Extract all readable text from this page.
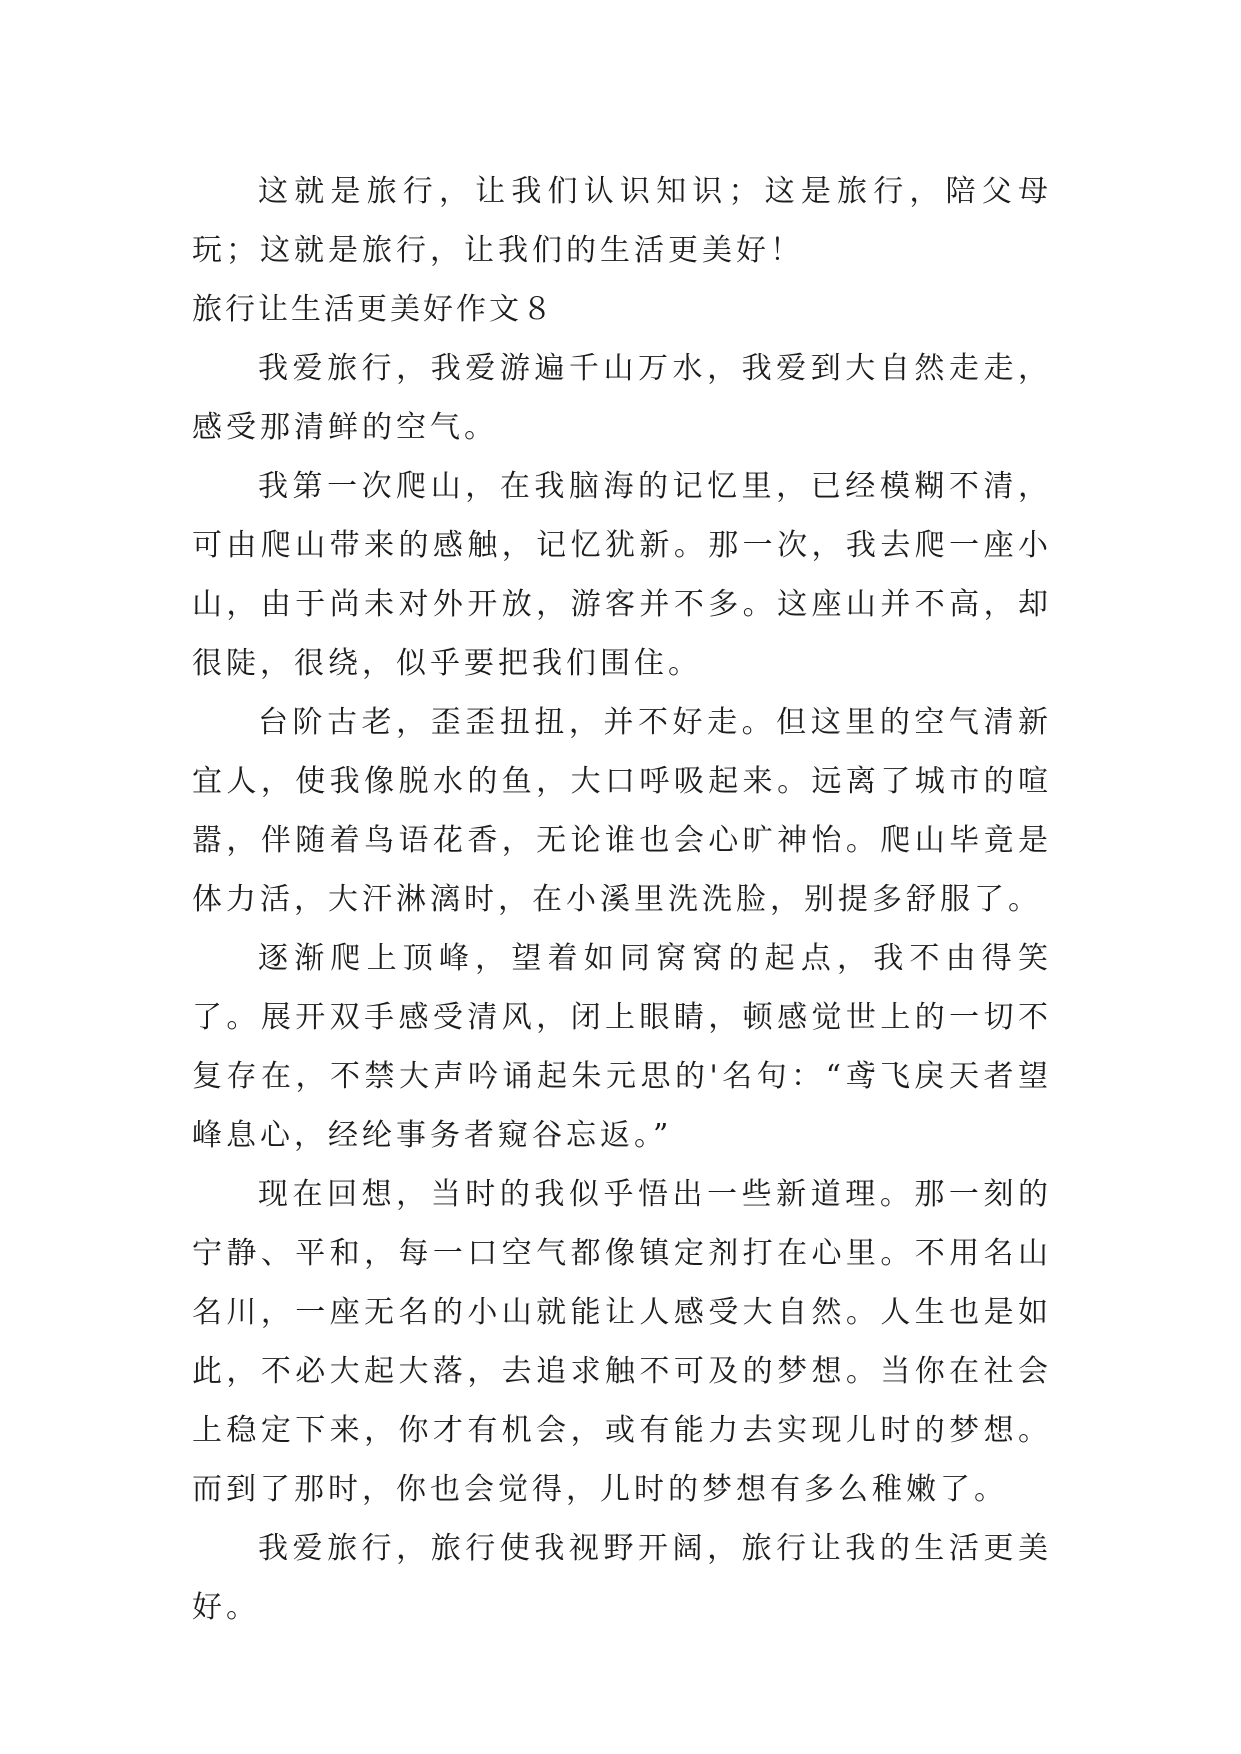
这就是旅行，让我们认识知识；这是旅行，陪父母玩；这就是旅行，让我们的生活更美好！

旅行让生活更美好作文８

我爱旅行，我爱游遍千山万水，我爱到大自然走走，感受那清鲜的空气。

我第一次爬山，在我脑海的记忆里，已经模糊不清，可由爬山带来的感触，记忆犹新。那一次，我去爬一座小山，由于尚未对外开放，游客并不多。这座山并不高，却很陡，很绕，似乎要把我们围住。

台阶古老，歪歪扭扭，并不好走。但这里的空气清新宜人，使我像脱水的鱼，大口呼吸起来。远离了城市的喧嚣，伴随着鸟语花香，无论谁也会心旷神怡。爬山毕竟是体力活，大汗淋漓时，在小溪里洗洗脸，别提多舒服了。

逐渐爬上顶峰，望着如同窝窝的起点，我不由得笑了。展开双手感受清风，闭上眼睛，顿感觉世上的一切不复存在，不禁大声吟诵起朱元思的'名句：“鸢飞戾天者望峰息心，经纶事务者窥谷忘返。”

现在回想，当时的我似乎悟出一些新道理。那一刻的宁静、平和，每一口空气都像镇定剂打在心里。不用名山名川，一座无名的小山就能让人感受大自然。人生也是如此，不必大起大落，去追求触不可及的梦想。当你在社会上稳定下来，你才有机会，或有能力去实现儿时的梦想。而到了那时，你也会觉得，儿时的梦想有多么稚嫩了。

我爱旅行，旅行使我视野开阔，旅行让我的生活更美好。
